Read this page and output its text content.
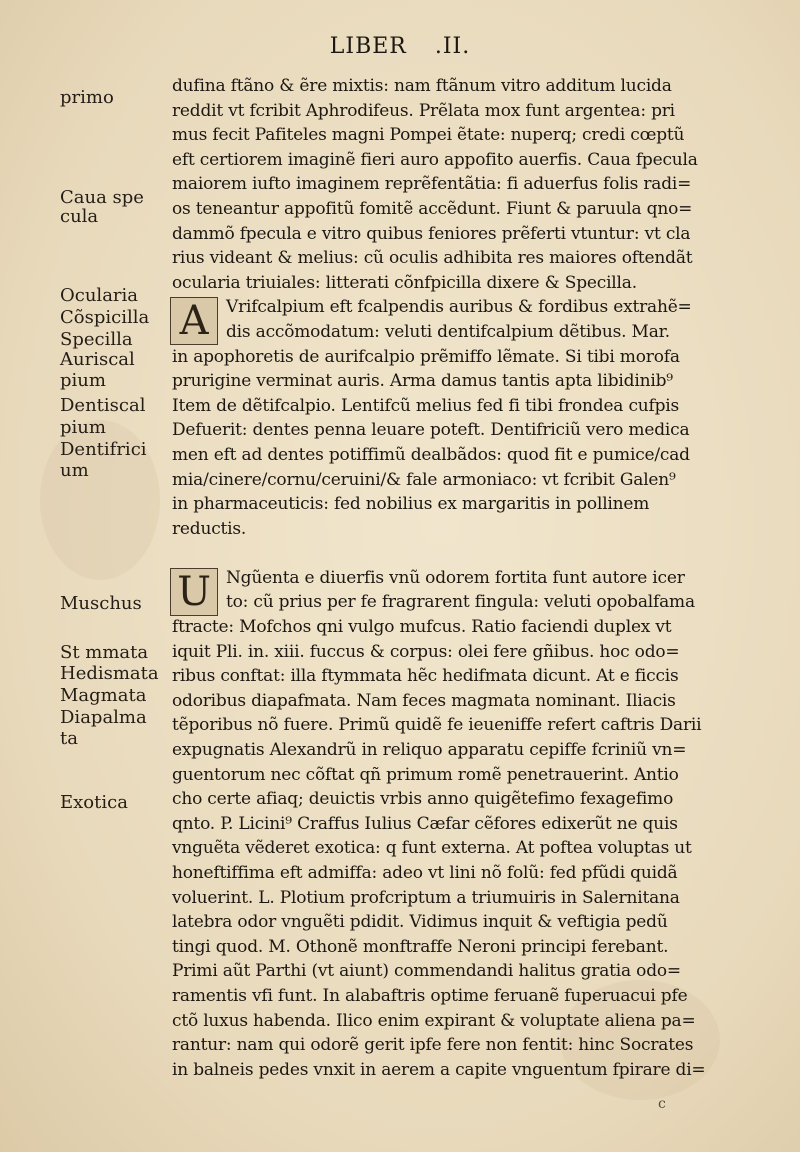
LIBER .II.
primo
Caua spe
cula
Ocularia
Cõspicilla
Specilla
Auriscal
pium
Dentiscal
pium
Dentifrici
um
Muschus
St mmata
Hedismata
Magmata
Diapalma
ta
Exotica
dufina ftãno & ẽre mixtis: nam ftãnum vitro additum lucida
reddit vt fcribit Aphrodifeus. Prẽlata mox funt argentea: pri
mus fecit Pafiteles magni Pompei ẽtate: nuperq; credi cœptũ
eft certiorem imaginẽ fieri auro appofito auerfis. Caua fpecula
maiorem iufto imaginem reprẽfentãtia: fi aduerfus folis radi=
os teneantur appofitũ fomitẽ accẽdunt. Fiunt & paruula qno=
dammõ fpecula e vitro quibus feniores prẽferti vtuntur: vt cla
rius videant & melius: cũ oculis adhibita res maiores oftendãt
ocularia triuiales: litterati cõnfpicilla dixere & Specilla.
A	Vrifcalpium eft fcalpendis auribus & fordibus extrahẽ=
dis accõmodatum: veluti dentifcalpium dẽtibus. Mar.
in apophoretis de aurifcalpio prẽmiffo lẽmate. Si tibi morofa
prurigine verminat auris. Arma damus tantis apta libidinib⁹
Item de dẽtifcalpio. Lentifcũ melius fed fi tibi frondea cufpis
Defuerit: dentes penna leuare poteft. Dentifriciũ vero medica
men eft ad dentes potiffimũ dealbãdos: quod fit e pumice/cad
mia/cinere/cornu/ceruini/& fale armoniaco: vt fcribit Galen⁹
in pharmaceuticis: fed nobilius ex margaritis in pollinem
reductis.
U Ngũenta e diuerfis vnũ odorem fortita funt autore icer
to: cũ prius per fe fragrarent fingula: veluti opobalfama
ftracte: Mofchos qni vulgo mufcus. Ratio faciendi duplex vt
iquit Pli. in. xiii. fuccus & corpus: olei fere gñibus. hoc odo=
ribus conftat: illa ftymmata hẽc hedifmata dicunt. At e ficcis
odoribus diapafmata. Nam feces magmata nominant. Iliacis
tẽporibus nõ fuere. Primũ quidẽ fe ieueniffe refert caftris Darii
expugnatis Alexandrũ in reliquo apparatu cepiffe fcriniũ vn=
guentorum nec cõftat qñ primum romẽ penetrauerint. Antio
cho certe afiaq; deuictis vrbis anno quigẽtefimo fexagefimo
qnto. P. Licini⁹ Craffus Iulius Cæfar cẽfores edixerũt ne quis
vnguẽta vẽderet exotica: q funt externa. At poftea voluptas ut
honeftiffima eft admiffa: adeo vt lini nõ folũ: fed pfũdi quidã
voluerint. L. Plotium profcriptum a triumuiris in Salernitana
latebra odor vnguẽti pdidit. Vidimus inquit & veftigia pedũ
tingi quod. M. Othonẽ monftraffe Neroni principi ferebant.
Primi aũt Parthi (vt aiunt) commendandi halitus gratia odo=
ramentis vfi funt. In alabaftris optime feruanẽ fuperuacui pfe
ctõ luxus habenda. Ilico enim expirant & voluptate aliena pa=
rantur: nam qui odorẽ gerit ipfe fere non fentit: hinc Socrates
in balneis pedes vnxit in aerem a capite vnguentum fpirare di=
c
